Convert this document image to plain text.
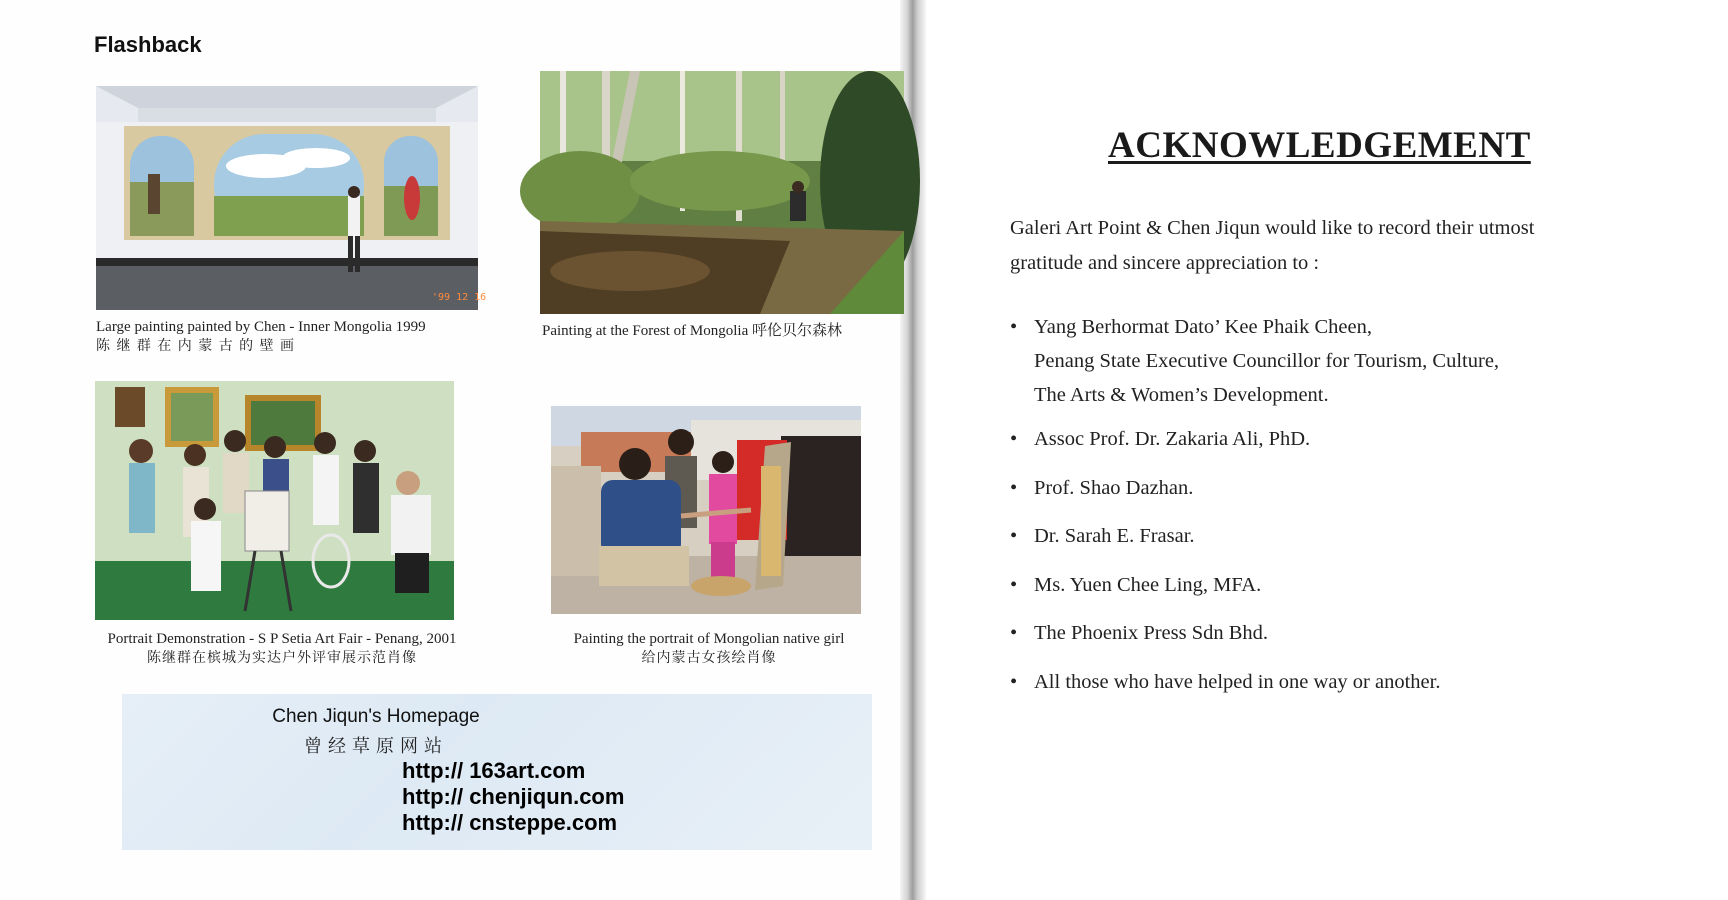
Flashback
'99 12 16
Large painting painted by Chen - Inner Mongolia 1999
陈 继 群 在 内 蒙 古 的 壁 画
Painting at the Forest of Mongolia 呼伦贝尔森林
Portrait Demonstration - S P Setia Art Fair - Penang, 2001
陈继群在槟城为实达户外评审展示范肖像
Painting the portrait of Mongolian native girl
给内蒙古女孩绘肖像
Chen Jiqun's Homepage
曾经草原网站
http:// 163art.com
http:// chenjiqun.com
http:// cnsteppe.com
ACKNOWLEDGEMENT

Galeri Art Point & Chen Jiqun would like to record their utmost
gratitude and sincere appreciation to :

• Yang Berhormat Dato’ Kee Phaik Cheen,
Penang State Executive Councillor for Tourism, Culture,
The Arts & Women’s Development.
• Assoc Prof. Dr. Zakaria Ali, PhD.
• Prof. Shao Dazhan.
• Dr. Sarah E. Frasar.
• Ms. Yuen Chee Ling, MFA.
• The Phoenix Press Sdn Bhd.
• All those who have helped in one way or another.
